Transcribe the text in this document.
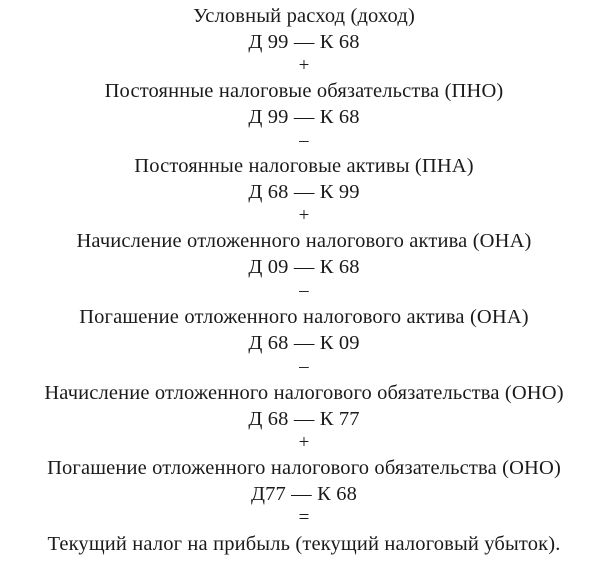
Условный расход (доход)
Д 99 — К 68
+
Постоянные налоговые обязательства (ПНО)
Д 99 — К 68
–
Постоянные налоговые активы (ПНА)
Д 68 — К 99
+
Начисление отложенного налогового актива (ОНА)
Д 09 — К 68
–
Погашение отложенного налогового актива (ОНА)
Д 68 — К 09
–
Начисление отложенного налогового обязательства (ОНО)
Д 68 — К 77
+
Погашение отложенного налогового обязательства (ОНО)
Д77 — К 68
=
Текущий налог на прибыль (текущий налоговый убыток).
